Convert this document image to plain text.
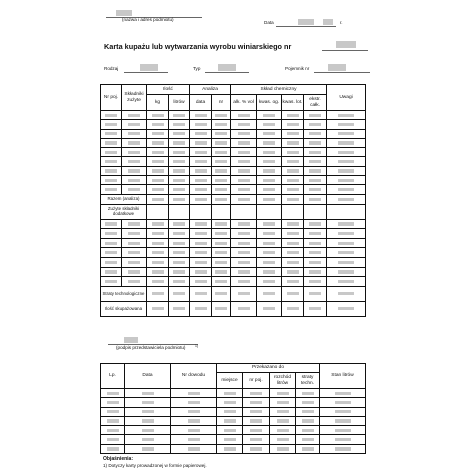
(nazwa i adres podmiotu)
Data	r.
Karta kupażu lub wytwarzania wyrobu winiarskiego nr
Rodzaj	Typ	Pojemnik nr
Nr poj.	Składniki zużyte	Ilość		Analiza		Skład chemiczny				Uwagi
		kg	litrów	data	nr	alk. % vol	kwas. og.	kwas. lot.	ekstr. całk.	

Razem (analiza)		

Zużyte składniki dodatkowe										

Straty technologiczne		

Ilość skupażowana		

(podpis przedstawiciela podmiotu)	1)
Lp.	Data	Nr dowodu	Przekazano do				Stan litrów
			miejsce	nr poj.	rozchód litrów	straty techn.	

Objaśnienia:
1) Dotyczy karty prowadzonej w formie papierowej.
